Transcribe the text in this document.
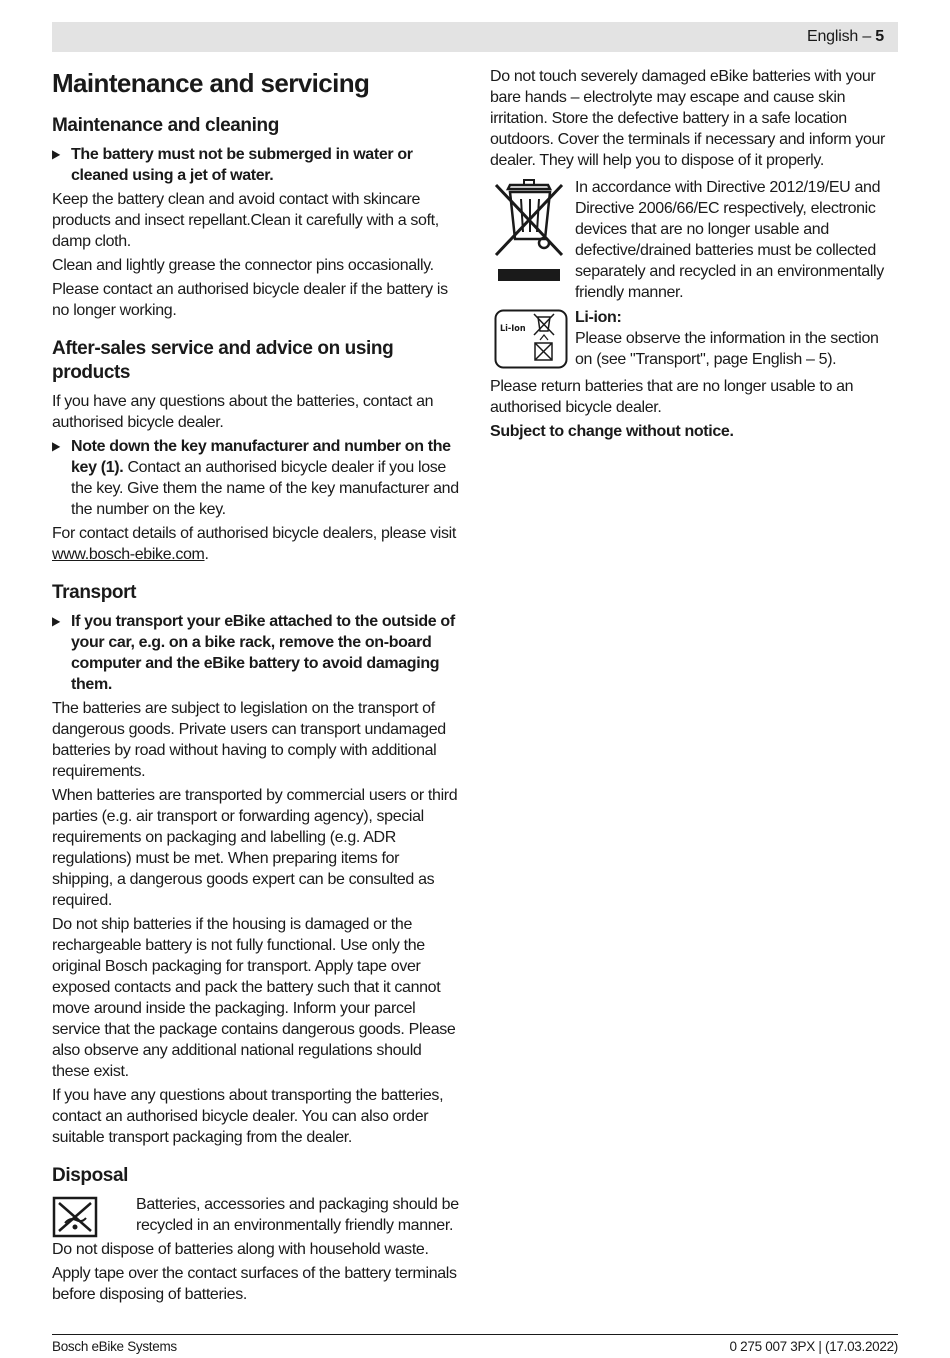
English – 5
Maintenance and servicing
Maintenance and cleaning
▶ The battery must not be submerged in water or cleaned using a jet of water.

Keep the battery clean and avoid contact with skincare products and insect repellant.Clean it carefully with a soft, damp cloth.

Clean and lightly grease the connector pins occasionally.

Please contact an authorised bicycle dealer if the battery is no longer working.

After-sales service and advice on using products

If you have any questions about the batteries, contact an authorised bicycle dealer.

▶ Note down the key manufacturer and number on the key (1). Contact an authorised bicycle dealer if you lose the key. Give them the name of the key manufacturer and the number on the key.

For contact details of authorised bicycle dealers, please visit www.bosch-ebike.com.

Transport
▶ If you transport your eBike attached to the outside of your car, e.g. on a bike rack, remove the on-board computer and the eBike battery to avoid damaging them.

The batteries are subject to legislation on the transport of dangerous goods. Private users can transport undamaged batteries by road without having to comply with additional requirements.

When batteries are transported by commercial users or third parties (e.g. air transport or forwarding agency), special requirements on packaging and labelling (e.g. ADR regulations) must be met. When preparing items for shipping, a dangerous goods expert can be consulted as required.

Do not ship batteries if the housing is damaged or the rechargeable battery is not fully functional. Use only the original Bosch packaging for transport. Apply tape over exposed contacts and pack the battery such that it cannot move around inside the packaging. Inform your parcel service that the package contains dangerous goods. Please also observe any additional national regulations should these exist.

If you have any questions about transporting the batteries, contact an authorised bicycle dealer. You can also order suitable transport packaging from the dealer.

Disposal

Batteries, accessories and packaging should be recycled in an environmentally friendly manner.

Do not dispose of batteries along with household waste.

Apply tape over the contact surfaces of the battery terminals before disposing of batteries.

Do not touch severely damaged eBike batteries with your bare hands – electrolyte may escape and cause skin irritation. Store the defective battery in a safe location outdoors. Cover the terminals if necessary and inform your dealer. They will help you to dispose of it properly.

In accordance with Directive 2012/19/EU and Directive 2006/66/EC respectively, electronic devices that are no longer usable and defective/drained batteries must be collected separately and recycled in an environmentally friendly manner.

Li-Ion

Li-ion:

Please observe the information in the section on (see "Transport", page English – 5).

Please return batteries that are no longer usable to an authorised bicycle dealer.

Subject to change without notice.

Bosch eBike Systems	0 275 007 3PX | (17.03.2022)
